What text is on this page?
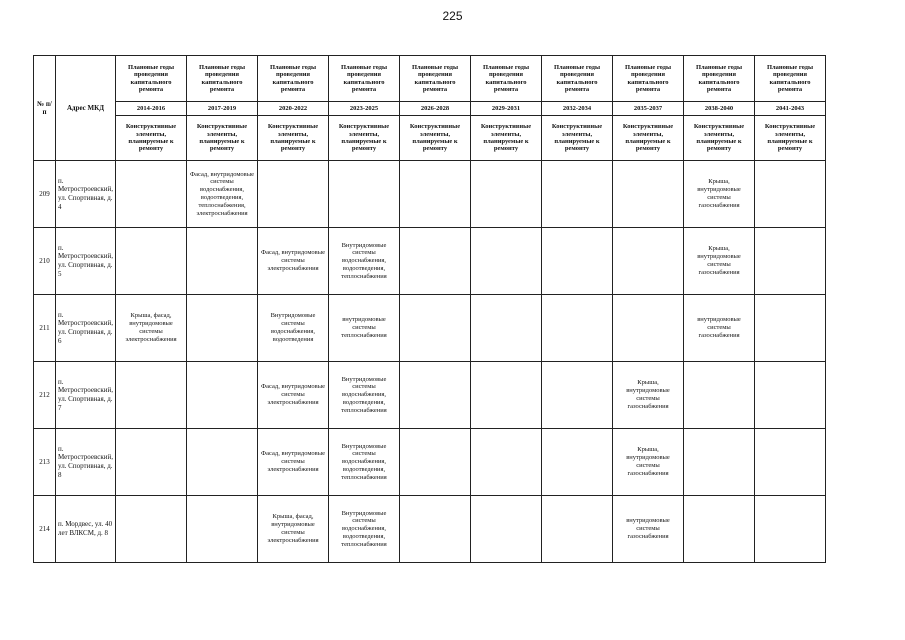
225
№ п/п	Адрес МКД	Плановые годы проведения капитального ремонта	Плановые годы проведения капитального ремонта	Плановые годы проведения капитального ремонта	Плановые годы проведения капитального ремонта	Плановые годы проведения капитального ремонта	Плановые годы проведения капитального ремонта	Плановые годы проведения капитального ремонта	Плановые годы проведения капитального ремонта	Плановые годы проведения капитального ремонта	Плановые годы проведения капитального ремонта
		2014-2016	2017-2019	2020-2022	2023-2025	2026-2028	2029-2031	2032-2034	2035-2037	2038-2040	2041-2043
		Конструктивные элементы, планируемые к ремонту	Конструктивные элементы, планируемые к ремонту	Конструктивные элементы, планируемые к ремонту	Конструктивные элементы, планируемые к ремонту	Конструктивные элементы, планируемые к ремонту	Конструктивные элементы, планируемые к ремонту	Конструктивные элементы, планируемые к ремонту	Конструктивные элементы, планируемые к ремонту	Конструктивные элементы, планируемые к ремонту	Конструктивные элементы, планируемые к ремонту
209	п. Метростроевский, ул. Спортивная, д. 4		Фасад, внутридомовые системы водоснабжения, водоотведения, теплоснабжения, электроснабжения							Крыша, внутридомовые системы газоснабжения	
210	п. Метростроевский, ул. Спортивная, д. 5			Фасад, внутридомовые системы электроснабжения	Внутридомовые системы водоснабжения, водоотведения, теплоснабжения					Крыша, внутридомовые системы газоснабжения	
211	п. Метростроевский, ул. Спортивная, д. 6	Крыша, фасад, внутридомовые системы электроснабжения		Внутридомовые системы водоснабжения, водоотведения	внутридомовые системы теплоснабжения					внутридомовые системы газоснабжения	
212	п. Метростроевский, ул. Спортивная, д. 7			Фасад, внутридомовые системы электроснабжения	Внутридомовые системы водоснабжения, водоотведения, теплоснабжения				Крыша, внутридомовые системы газоснабжения		
213	п. Метростроевский, ул. Спортивная, д. 8			Фасад, внутридомовые системы электроснабжения	Внутридомовые системы водоснабжения, водоотведения, теплоснабжения				Крыша, внутридомовые системы газоснабжения		
214	п. Мордвес, ул. 40 лет ВЛКСМ, д. 8			Крыша, фасад, внутридомовые системы электроснабжения	Внутридомовые системы водоснабжения, водоотведения, теплоснабжения				внутридомовые системы газоснабжения		
